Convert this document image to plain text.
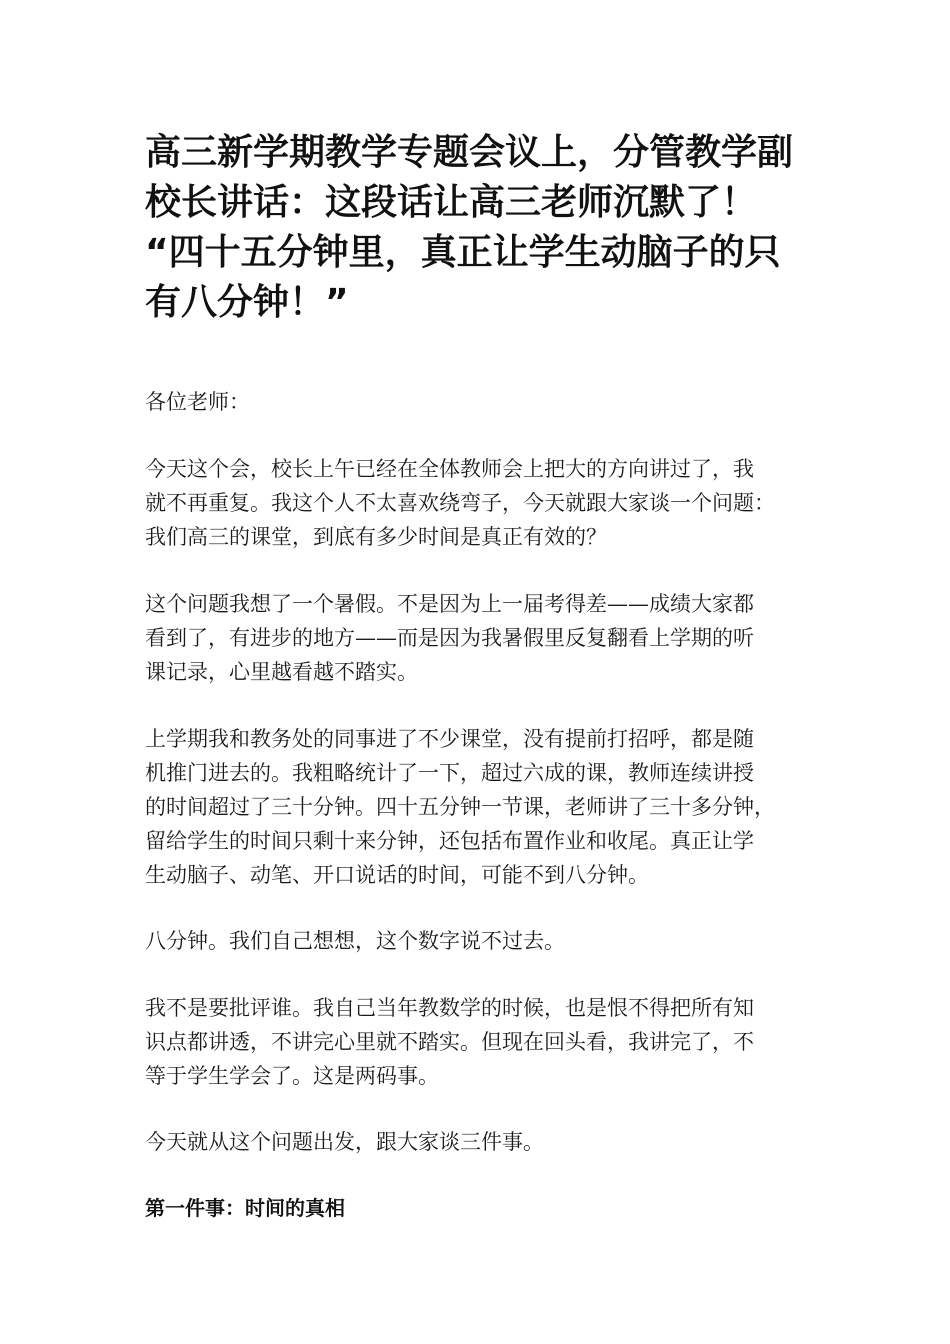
高三新学期教学专题会议上，分管教学副
校长讲话：这段话让高三老师沉默了！
“四十五分钟里，真正让学生动脑子的只
有八分钟！”

各位老师：

今天这个会，校长上午已经在全体教师会上把大的方向讲过了，我
就不再重复。我这个人不太喜欢绕弯子，今天就跟大家谈一个问题：
我们高三的课堂，到底有多少时间是真正有效的？

这个问题我想了一个暑假。不是因为上一届考得差——成绩大家都
看到了，有进步的地方——而是因为我暑假里反复翻看上学期的听
课记录，心里越看越不踏实。

上学期我和教务处的同事进了不少课堂，没有提前打招呼，都是随
机推门进去的。我粗略统计了一下，超过六成的课，教师连续讲授
的时间超过了三十分钟。四十五分钟一节课，老师讲了三十多分钟，
留给学生的时间只剩十来分钟，还包括布置作业和收尾。真正让学
生动脑子、动笔、开口说话的时间，可能不到八分钟。

八分钟。我们自己想想，这个数字说不过去。

我不是要批评谁。我自己当年教数学的时候，也是恨不得把所有知
识点都讲透，不讲完心里就不踏实。但现在回头看，我讲完了，不
等于学生学会了。这是两码事。

今天就从这个问题出发，跟大家谈三件事。

第一件事：时间的真相
